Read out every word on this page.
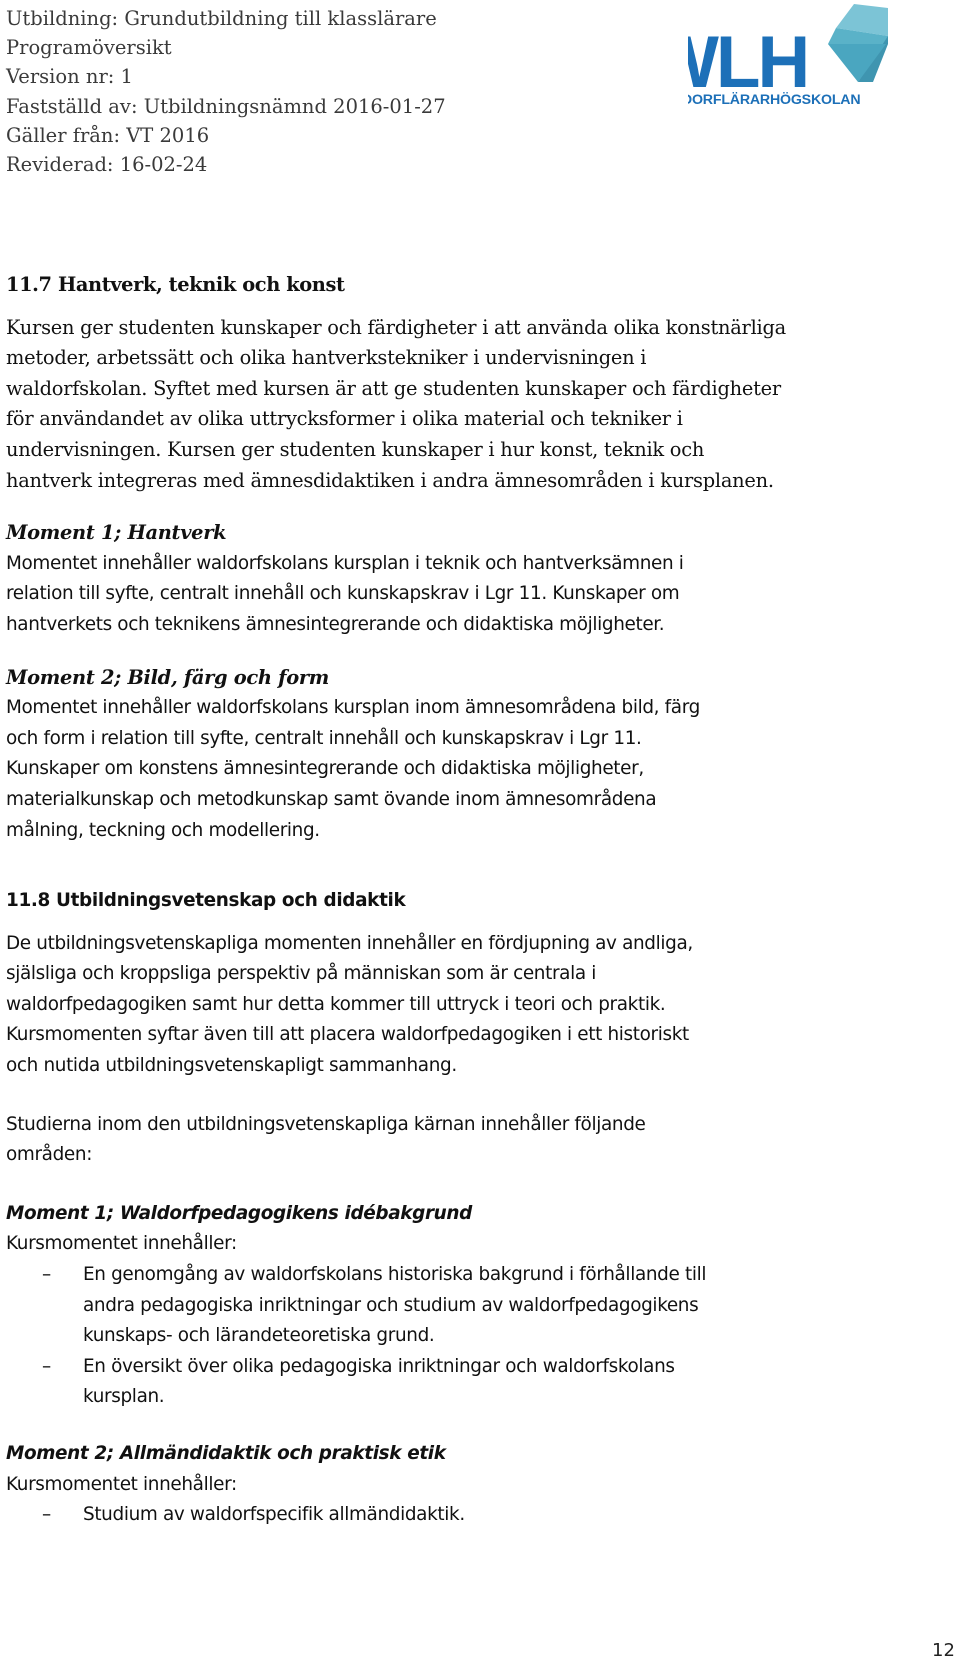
Utbildning: Grundutbildning till klasslärare
Programöversikt
Version nr: 1
Fastställd av: Utbildningsnämnd 2016-01-27
Gäller från: VT 2016
Reviderad: 16-02-24
LH
ORFLÄRARHÖGSKOLAN

11.7 Hantverk, teknik och konst

Kursen ger studenten kunskaper och färdigheter i att använda olika konstnärliga
metoder, arbetssätt och olika hantverkstekniker i undervisningen i
waldorfskolan. Syftet med kursen är att ge studenten kunskaper och färdigheter
för användandet av olika uttrycksformer i olika material och tekniker i
undervisningen. Kursen ger studenten kunskaper i hur konst, teknik och
hantverk integreras med ämnesdidaktiken i andra ämnesområden i kursplanen.

Moment 1; Hantverk

Momentet innehåller waldorfskolans kursplan i teknik och hantverksämnen i
relation till syfte, centralt innehåll och kunskapskrav i Lgr 11. Kunskaper om
hantverkets och teknikens ämnesintegrerande och didaktiska möjligheter.

Moment 2; Bild, färg och form

Momentet innehåller waldorfskolans kursplan inom ämnesområdena bild, färg
och form i relation till syfte, centralt innehåll och kunskapskrav i Lgr 11.
Kunskaper om konstens ämnesintegrerande och didaktiska möjligheter,
materialkunskap och metodkunskap samt övande inom ämnesområdena
målning, teckning och modellering.

11.8 Utbildningsvetenskap och didaktik

De utbildningsvetenskapliga momenten innehåller en fördjupning av andliga,
själsliga och kroppsliga perspektiv på människan som är centrala i
waldorfpedagogiken samt hur detta kommer till uttryck i teori och praktik.
Kursmomenten syftar även till att placera waldorfpedagogiken i ett historiskt
och nutida utbildningsvetenskapligt sammanhang.
Studierna inom den utbildningsvetenskapliga kärnan innehåller följande
områden:

Moment 1; Waldorfpedagogikens idébakgrund

Kursmomentet innehåller:
– En genomgång av waldorfskolans historiska bakgrund i förhållande till
andra pedagogiska inriktningar och studium av waldorfpedagogikens
kunskaps- och lärandeteoretiska grund.
– En översikt över olika pedagogiska inriktningar och waldorfskolans
kursplan.

Moment 2; Allmändidaktik och praktisk etik

Kursmomentet innehåller:
– Studium av waldorfspecifik allmändidaktik.
12
